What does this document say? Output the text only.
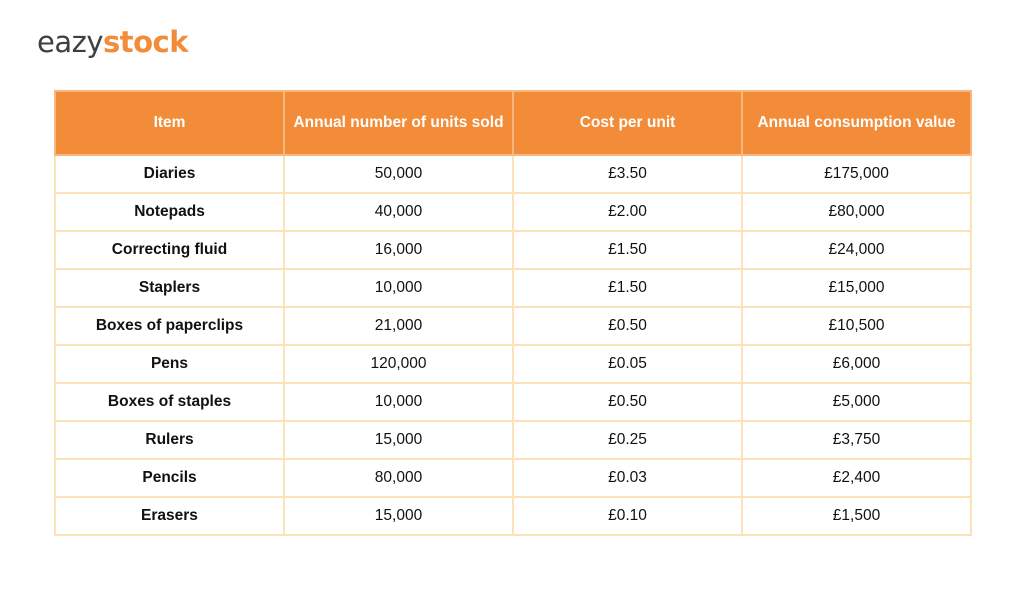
eazystock
Item	Annual number of units sold	Cost per unit	Annual consumption value
Diaries	50,000	£3.50	£175,000
Notepads	40,000	£2.00	£80,000
Correcting fluid	16,000	£1.50	£24,000
Staplers	10,000	£1.50	£15,000
Boxes of paperclips	21,000	£0.50	£10,500
Pens	120,000	£0.05	£6,000
Boxes of staples	10,000	£0.50	£5,000
Rulers	15,000	£0.25	£3,750
Pencils	80,000	£0.03	£2,400
Erasers	15,000	£0.10	£1,500
